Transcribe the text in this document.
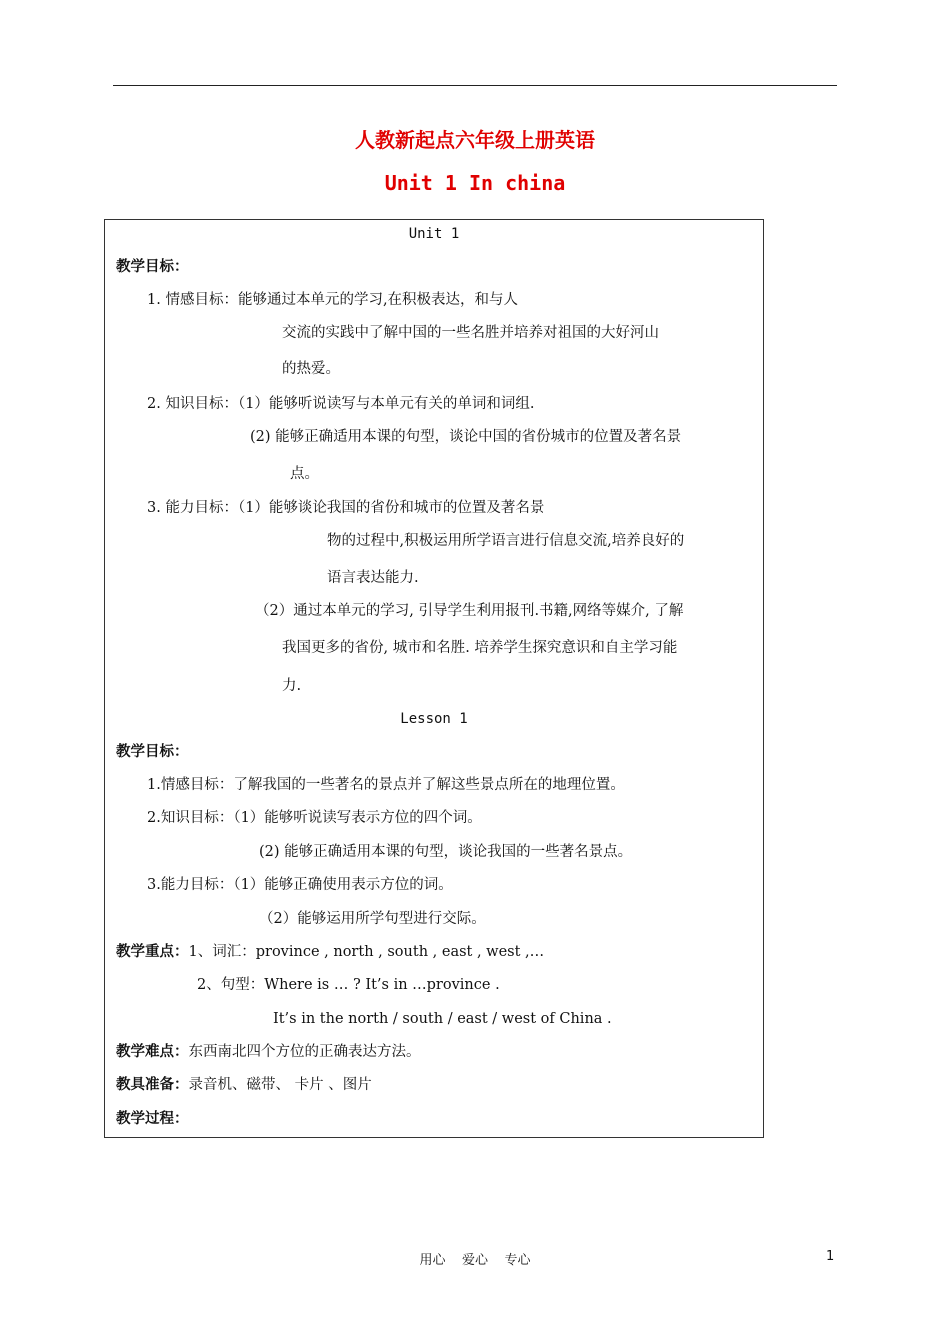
人教新起点六年级上册英语
Unit 1 In china
Unit 1
教学目标：
1. 情感目标：能够通过本单元的学习,在积极表达，和与人
交流的实践中了解中国的一些名胜并培养对祖国的大好河山
的热爱。
2. 知识目标：（1）能够听说读写与本单元有关的单词和词组.
(2) 能够正确适用本课的句型，谈论中国的省份城市的位置及著名景
点。
3. 能力目标：（1）能够谈论我国的省份和城市的位置及著名景
物的过程中,积极运用所学语言进行信息交流,培养良好的
语言表达能力.
（2）通过本单元的学习, 引导学生利用报刊.书籍,网络等媒介, 了解
我国更多的省份, 城市和名胜. 培养学生探究意识和自主学习能
力.
Lesson 1
教学目标：
1.情感目标：了解我国的一些著名的景点并了解这些景点所在的地理位置。
2.知识目标：（1）能够听说读写表示方位的四个词。
(2) 能够正确适用本课的句型，谈论我国的一些著名景点。
3.能力目标：（1）能够正确使用表示方位的词。
（2）能够运用所学句型进行交际。
教学重点：1、词汇：province , north , south , east , west ,…
2、句型：Where is … ? It’s in …province .
It’s in the north / south / east / west of China .
教学难点：东西南北四个方位的正确表达方法。
教具准备：录音机、磁带、 卡片 、图片
教学过程：
用心    爱心    专心	1
